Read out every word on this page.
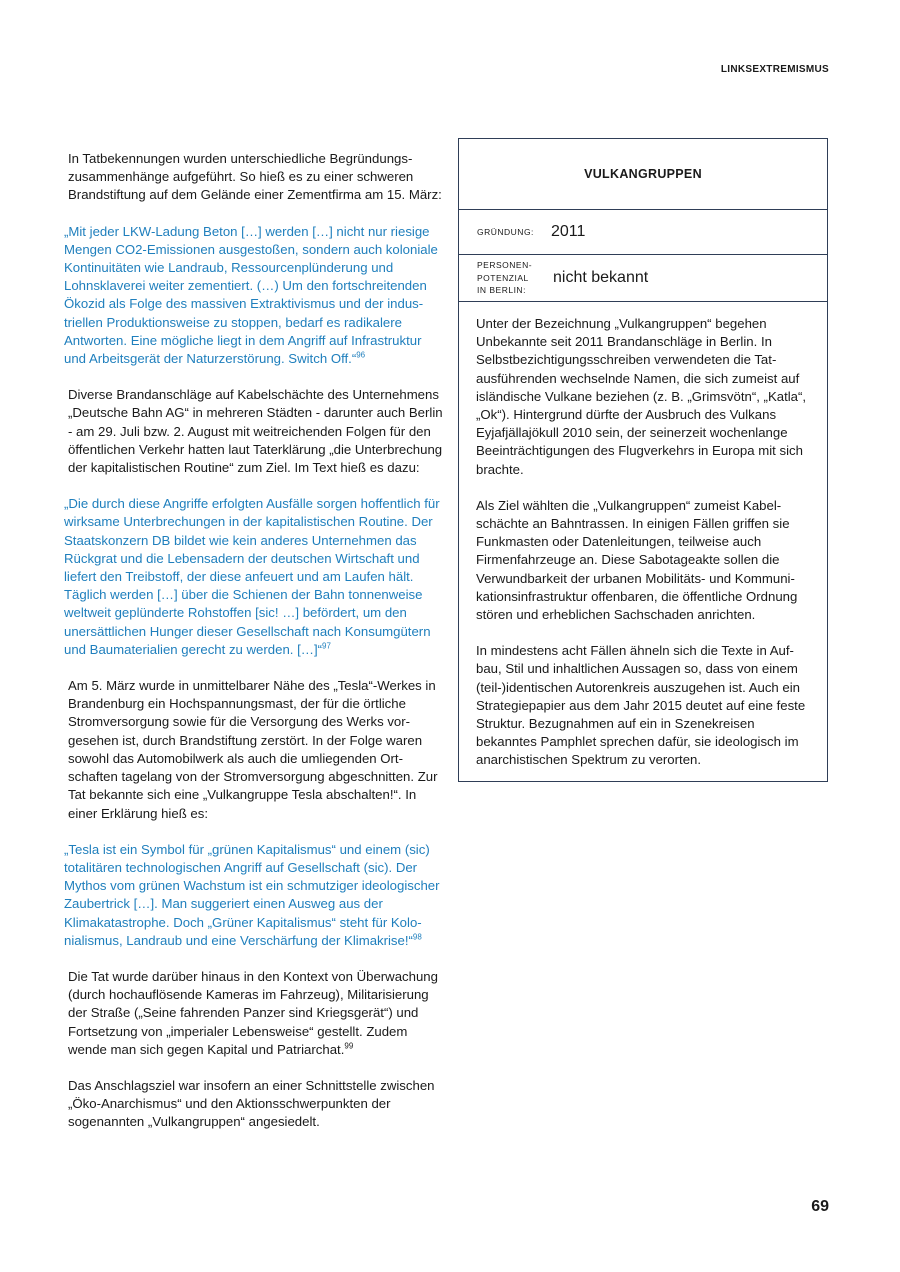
LINKSEXTREMISMUS

In Tatbekennungen wurden unterschiedliche Begründungszusammenhänge aufgeführt. So hieß es zu einer schweren Brandstiftung auf dem Gelände einer Zementfirma am 15. März:

„Mit jeder LKW-Ladung Beton […] werden […] nicht nur riesige Mengen CO2-Emissionen ausgestoßen, sondern auch koloniale Kontinuitäten wie Landraub, Ressourcenplünderung und Lohnsklaverei weiter zementiert. (…) Um den fortschreitenden Ökozid als Folge des massiven Extraktivismus und der industriellen Produktionsweise zu stoppen, bedarf es radikalere Antworten. Eine mögliche liegt in dem Angriff auf Infrastruktur und Arbeitsgerät der Naturzerstörung. Switch Off.“$^{96}$

Diverse Brandanschläge auf Kabelschächte des Unternehmens „Deutsche Bahn AG“ in mehreren Städten - darunter auch Berlin - am 29. Juli bzw. 2. August mit weitreichenden Folgen für den öffentlichen Verkehr hatten laut Taterklärung „die Unterbrechung der kapitalistischen Routine“ zum Ziel. Im Text hieß es dazu:

„Die durch diese Angriffe erfolgten Ausfälle sorgen hoffentlich für wirksame Unterbrechungen in der kapitalistischen Routine. Der Staatskonzern DB bildet wie kein anderes Unternehmen das Rückgrat und die Lebensadern der deutschen Wirtschaft und liefert den Treibstoff, der diese anfeuert und am Laufen hält. Täglich werden […] über die Schienen der Bahn tonnenweise weltweit geplünderte Rohstoffen [sic! …] befördert, um den unersättlichen Hunger dieser Gesellschaft nach Konsumgütern und Baumaterialien gerecht zu werden. […]“$^{97}$

Am 5. März wurde in unmittelbarer Nähe des „Tesla“-Werkes in Brandenburg ein Hochspannungsmast, der für die örtliche Stromversorgung sowie für die Versorgung des Werks vorgesehen ist, durch Brandstiftung zerstört. In der Folge waren sowohl das Automobilwerk als auch die umliegenden Ortschaften tagelang von der Stromversorgung abgeschnitten. Zur Tat bekannte sich eine „Vulkangruppe Tesla abschalten!“. In einer Erklärung hieß es:

„Tesla ist ein Symbol für „grünen Kapitalismus“ und einem (sic) totalitären technologischen Angriff auf Gesellschaft (sic). Der Mythos vom grünen Wachstum ist ein schmutziger ideologischer Zaubertrick […]. Man suggeriert einen Ausweg aus der Klimakatastrophe. Doch „Grüner Kapitalismus“ steht für Kolonialismus, Landraub und eine Verschärfung der Klimakrise!“$^{98}$

Die Tat wurde darüber hinaus in den Kontext von Überwachung (durch hochauflösende Kameras im Fahrzeug), Militarisierung der Straße („Seine fahrenden Panzer sind Kriegsgerät“) und Fortsetzung von „imperialer Lebensweise“ gestellt. Zudem wende man sich gegen Kapital und Patriarchat.$^{99}$

Das Anschlagsziel war insofern an einer Schnittstelle zwischen „Öko-Anarchismus“ und den Aktionsschwerpunkten der sogenannten „Vulkangruppen“ angesiedelt.

VULKANGRUPPEN
GRÜNDUNG:	2011
PERSONEN-
POTENZIAL
IN BERLIN:
nicht bekannt

Unter der Bezeichnung „Vulkangruppen“ begehen Unbekannte seit 2011 Brandanschläge in Berlin. In Selbstbezichtigungsschreiben verwendeten die Tatausführenden wechselnde Namen, die sich zumeist auf isländische Vulkane beziehen (z. B. „Grimsvötn“, „Katla“, „Ok“). Hintergrund dürfte der Ausbruch des Vulkans Eyjafjällajökull 2010 sein, der seinerzeit wochenlange Beeinträchtigungen des Flugverkehrs in Europa mit sich brachte.

Als Ziel wählten die „Vulkangruppen“ zumeist Kabelschächte an Bahntrassen. In einigen Fällen griffen sie Funkmasten oder Datenleitungen, teilweise auch Firmenfahrzeuge an. Diese Sabotageakte sollen die Verwundbarkeit der urbanen Mobilitäts- und Kommunikationsinfrastruktur offenbaren, die öffentliche Ordnung stören und erheblichen Sachschaden anrichten.

In mindestens acht Fällen ähneln sich die Texte in Aufbau, Stil und inhaltlichen Aussagen so, dass von einem (teil-)identischen Autorenkreis auszugehen ist. Auch ein Strategiepapier aus dem Jahr 2015 deutet auf eine feste Struktur. Bezugnahmen auf ein in Szenekreisen bekanntes Pamphlet sprechen dafür, sie ideologisch im anarchistischen Spektrum zu verorten.

69
